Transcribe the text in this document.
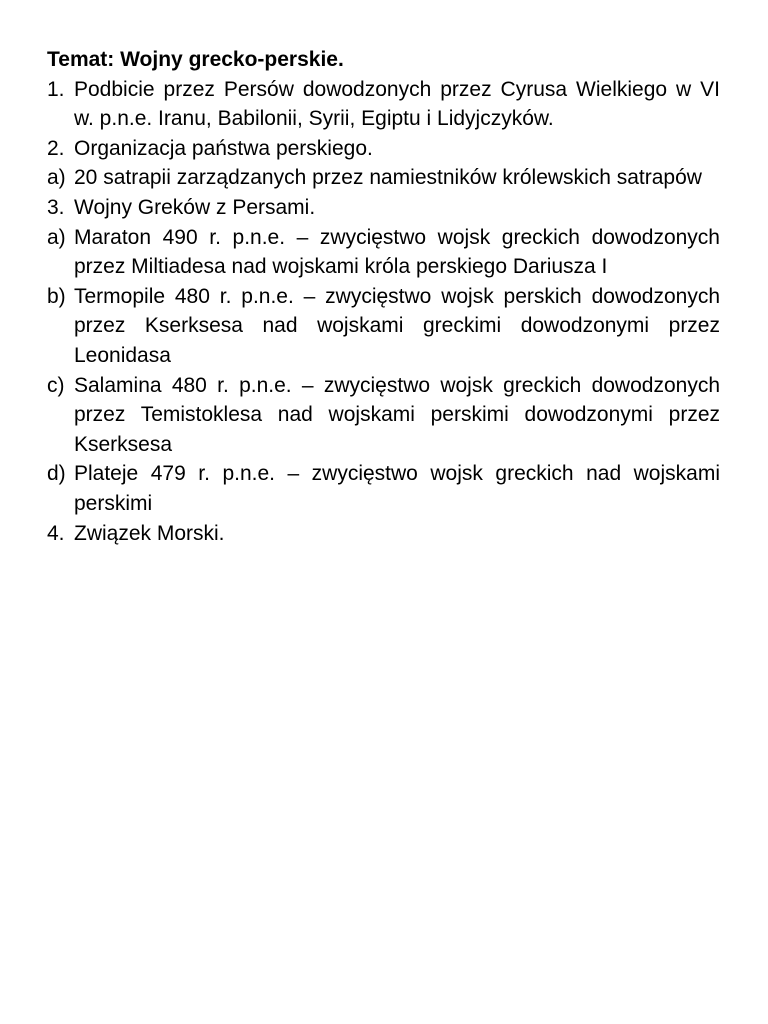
Temat: Wojny grecko-perskie.

1. Podbicie przez Persów dowodzonych przez Cyrusa Wielkiego w VI w. p.n.e. Iranu, Babilonii, Syrii, Egiptu i Lidyjczyków.
2. Organizacja państwa perskiego.
a) 20 satrapii zarządzanych przez namiestników królewskich satrapów
3. Wojny Greków z Persami.
a) Maraton 490 r. p.n.e. – zwycięstwo wojsk greckich dowodzonych przez Miltiadesa nad wojskami króla perskiego Dariusza I
b) Termopile 480 r. p.n.e. – zwycięstwo wojsk perskich dowodzonych przez Kserksesa nad wojskami greckimi dowodzonymi przez Leonidasa
c) Salamina 480 r. p.n.e. – zwycięstwo wojsk greckich dowodzonych przez Temistoklesa nad wojskami perskimi dowodzonymi przez Kserksesa
d) Plateje 479 r. p.n.e. – zwycięstwo wojsk greckich nad wojskami perskimi
4. Związek Morski.
